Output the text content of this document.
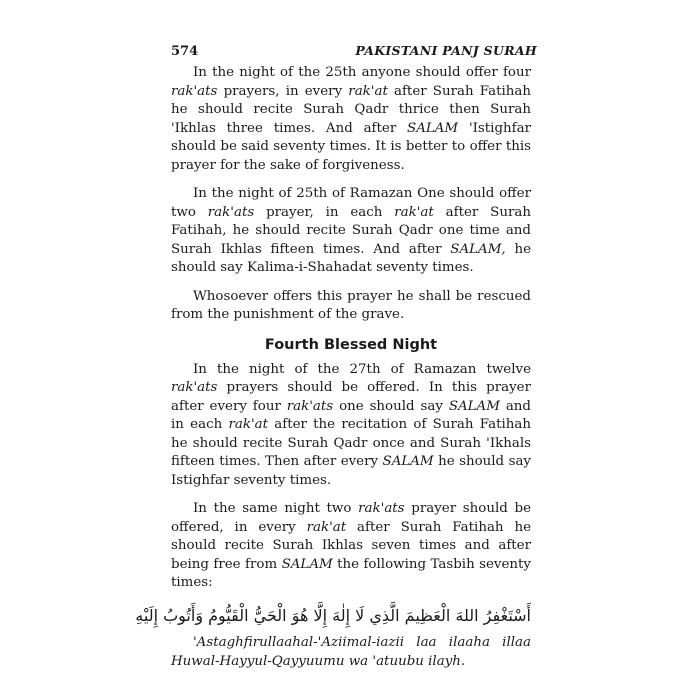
574	PAKISTANI PANJ SURAH

In the night of the 25th anyone should offer four rak'ats prayers, in every rak'at after Surah Fatihah he should recite Surah Qadr thrice then Surah 'Ikhlas three times. And after SALAM 'Istighfar should be said seventy times. It is better to offer this prayer for the sake of forgiveness.

In the night of 25th of Ramazan One should offer two rak'ats prayer, in each rak'at after Surah Fatihah, he should recite Surah Qadr one time and Surah Ikhlas fifteen times. And after SALAM, he should say Kalima-i-Shahadat seventy times.

Whosoever offers this prayer he shall be rescued from the punishment of the grave.

Fourth Blessed Night

In the night of the 27th of Ramazan twelve rak'ats prayers should be offered. In this prayer after every four rak'ats one should say SALAM and in each rak'at after the recitation of Surah Fatihah he should recite Surah Qadr once and Surah 'Ikhals fifteen times. Then after every SALAM he should say Istighfar seventy times.

In the same night two rak'ats prayer should be offered, in every rak'at after Surah Fatihah he should recite Surah Ikhlas seven times and after being free from SALAM the following Tasbih seventy times:

أَسْتَغْفِرُ اللهَ الْعَظِيمَ الَّذِي لَا إِلٰهَ إِلَّا هُوَ الْحَيُّ الْقَيُّومُ وَأَتُوبُ إِلَيْهِ

'Astaghfirullaahal-'Aziimal-iazii laa ilaaha illaa Huwal-Hayyul-Qayyuumu wa 'atuubu ilayh.
